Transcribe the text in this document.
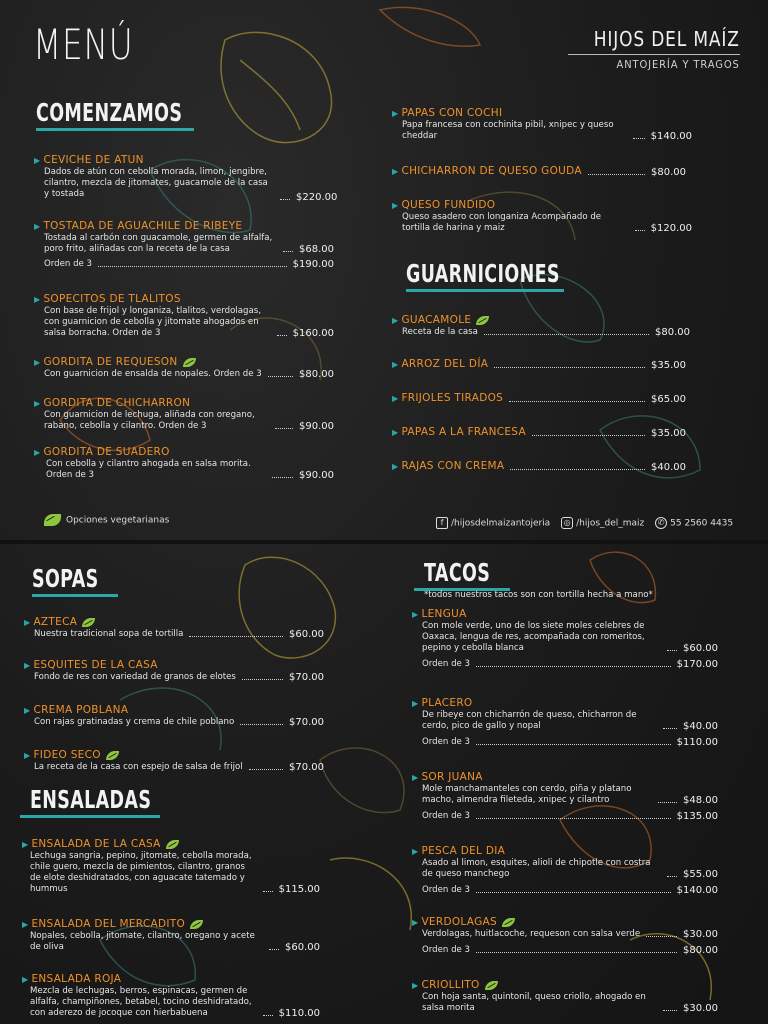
MENÚ	HIJOS DEL MAÍZ
ANTOJERÍA Y TRAGOS
COMENZAMOS
▶ CEVICHE DE ATUN
Dados de atún con cebolla morada, limon, jengibre, cilantro, mezcla de jitomates, guacamole de la casa y tostada	$220.00
▶ TOSTADA DE AGUACHILE DE RIBEYE
Tostada al carbón con guacamole, germen de alfalfa, poro frito, aliñadas con la receta de la casa	$68.00
Orden de 3	$190.00
▶ SOPECITOS DE TLALITOS
Con base de frijol y longaniza, tlalitos, verdolagas, con guarnicion de cebolla y jitomate ahogados en salsa borracha. Orden de 3	$160.00
▶ GORDITA DE REQUESON
Con guarnicion de ensalda de nopales. Orden de 3	$80.00
▶ GORDITA DE CHICHARRON
Con guarnicion de lechuga, aliñada con oregano, rabano, cebolla y cilantro. Orden de 3	$90.00
▶ GORDITA DE SUADERO
Con cebolla y cilantro ahogada en salsa morita. Orden de 3	$90.00
▶ PAPAS CON COCHI
Papa francesa con cochinita pibil, xnipec y queso cheddar	$140.00
▶ CHICHARRON DE QUESO GOUDA	$80.00
▶ QUESO FUNDIDO
Queso asadero con longaniza Acompañado de tortilla de harina y maiz	$120.00
GUARNICIONES
▶ GUACAMOLE
Receta de la casa	$80.00
▶ ARROZ DEL DÍA	$35.00
▶ FRIJOLES TIRADOS	$65.00
▶ PAPAS A LA FRANCESA	$35.00
▶ RAJAS CON CREMA	$40.00
Opciones vegetarianas	f /hijosdelmaizantojeria ◎ /hijos_del_maiz ✆ 55 2560 4435
SOPAS
▶ AZTECA
Nuestra tradicional sopa de tortilla	$60.00
▶ ESQUITES DE LA CASA
Fondo de res con variedad de granos de elotes	$70.00
▶ CREMA POBLANA
Con rajas gratinadas y crema de chile poblano	$70.00
▶ FIDEO SECO
La receta de la casa con espejo de salsa de frijol	$70.00
ENSALADAS
▶ ENSALADA DE LA CASA
Lechuga sangria, pepino, jitomate, cebolla morada, chile guero, mezcla de pimientos, cilantro, granos de elote deshidratados, con aguacate tatemado y hummus	$115.00
▶ ENSALADA DEL MERCADITO
Nopales, cebolla, jitomate, cilantro, oregano y acete de oliva	$60.00
▶ ENSALADA ROJA
Mezcla de lechugas, berros, espinacas, germen de alfalfa, champiñones, betabel, tocino deshidratado, con aderezo de jocoque con hierbabuena	$110.00
TACOS
*todos nuestros tacos son con tortilla hecha a mano*
▶ LENGUA
Con mole verde, uno de los siete moles celebres de Oaxaca, lengua de res, acompañada con romeritos, pepino y cebolla blanca	$60.00
Orden de 3	$170.00
▶ PLACERO
De ribeye con chicharrón de queso, chicharron de cerdo, pico de gallo y nopal	$40.00
Orden de 3	$110.00
▶ SOR JUANA
Mole manchamanteles con cerdo, piña y platano macho, almendra fileteda, xnipec y cilantro	$48.00
Orden de 3	$135.00
▶ PESCA DEL DIA
Asado al limon, esquites, alioli de chipotle con costra de queso manchego	$55.00
Orden de 3	$140.00
▶ VERDOLAGAS
Verdolagas, huitlacoche, requeson con salsa verde	$30.00
Orden de 3	$80.00
▶ CRIOLLITO
Con hoja santa, quintonil, queso criollo, ahogado en salsa morita	$30.00
